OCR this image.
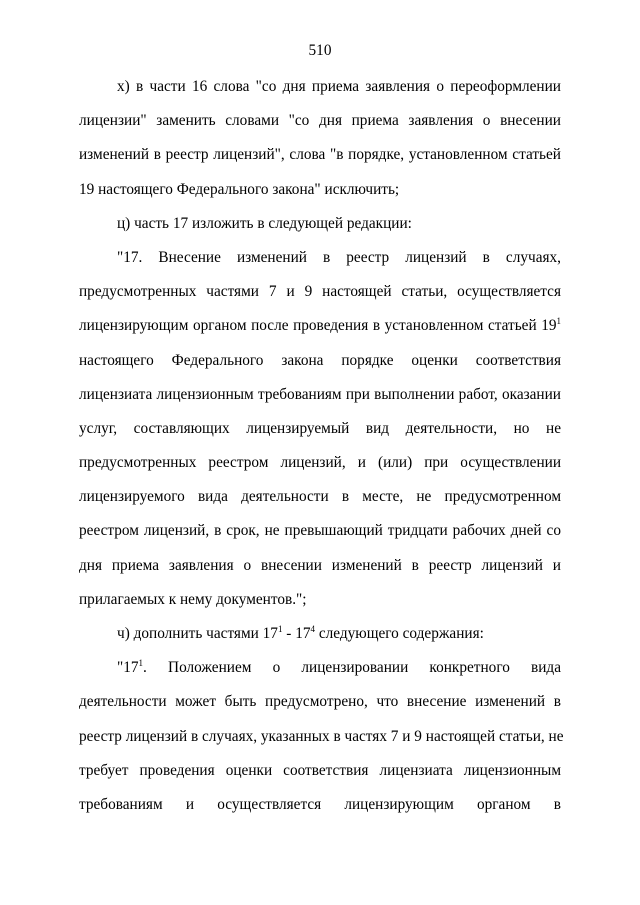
510
х) в части 16 слова "со дня приема заявления о переоформлении
лицензии" заменить словами "со дня приема заявления о внесении
изменений в реестр лицензий", слова "в порядке, установленном статьей
19 настоящего Федерального закона" исключить;
ц) часть 17 изложить в следующей редакции:
"17. Внесение изменений в реестр лицензий в случаях,
предусмотренных частями 7 и 9 настоящей статьи, осуществляется
лицензирующим органом после проведения в установленном статьей $19^1$
настоящего Федерального закона порядке оценки соответствия
лицензиата лицензионным требованиям при выполнении работ, оказании
услуг, составляющих лицензируемый вид деятельности, но не
предусмотренных реестром лицензий, и (или) при осуществлении
лицензируемого вида деятельности в месте, не предусмотренном
реестром лицензий, в срок, не превышающий тридцати рабочих дней со
дня приема заявления о внесении изменений в реестр лицензий и
прилагаемых к нему документов.";
ч) дополнить частями $17^1 - 17^4$ следующего содержания:
"$17^1$. Положением о лицензировании конкретного вида
деятельности может быть предусмотрено, что внесение изменений в
реестр лицензий в случаях, указанных в частях 7 и 9 настоящей статьи, не
требует проведения оценки соответствия лицензиата лицензионным
требованиям и осуществляется лицензирующим органом в
